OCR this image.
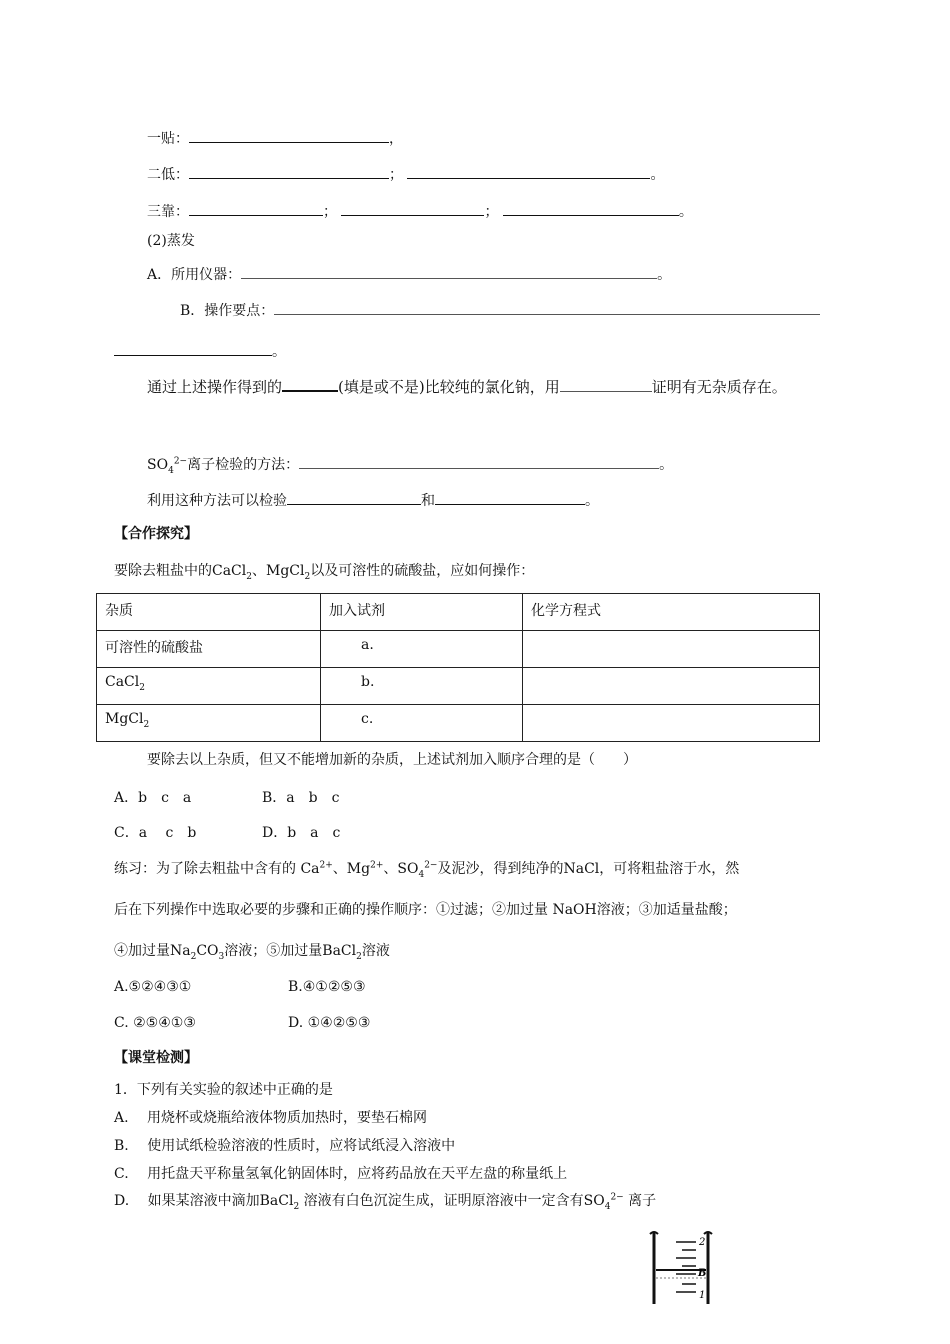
一贴：	，
二低：	；	。
三靠：	；	；	。
(2)蒸发
A．所用仪器：	。
B．操作要点：
。
通过上述操作得到的	(填是或不是)比较纯的氯化钠，用	证明有无杂质存在。
$SO_4^{2-}$离子检验的方法：	。
利用这种方法可以检验	和	。
【合作探究】
要除去粗盐中的CaCl$_2$、MgCl$_2$以及可溶性的硫酸盐，应如何操作：
杂质	加入试剂	化学方程式
可溶性的硫酸盐	a.	
CaCl$_2$	b.	
MgCl$_2$	c.	
要除去以上杂质，但又不能增加新的杂质，上述试剂加入顺序合理的是（　　）
A．b　c　a	B．a　b　c
C．a　 c　b	D．b　a　c
练习：为了除去粗盐中含有的 $Ca^{2+}$、$Mg^{2+}$、$SO_4^{2-}$及泥沙，得到纯净的NaCl，可将粗盐溶于水，然
后在下列操作中选取必要的步骤和正确的操作顺序：①过滤；②加过量 NaOH溶液；③加适量盐酸；
④加过量$Na_2CO_3$溶液；⑤加过量BaCl$_2$溶液
A.⑤②④③①	B.④①②⑤③
C. ②⑤④①③	D. ①④②⑤③
【课堂检测】
1．下列有关实验的叙述中正确的是
A.　 用烧杯或烧瓶给液体物质加热时，要垫石棉网
B.　 使用试纸检验溶液的性质时，应将试纸浸入溶液中
C.　 用托盘天平称量氢氧化钠固体时，应将药品放在天平左盘的称量纸上
D.　 如果某溶液中滴加BaCl$_2$ 溶液有白色沉淀生成，证明原溶液中一定含有$SO_4^{2-}$ 离子
2
B
1
